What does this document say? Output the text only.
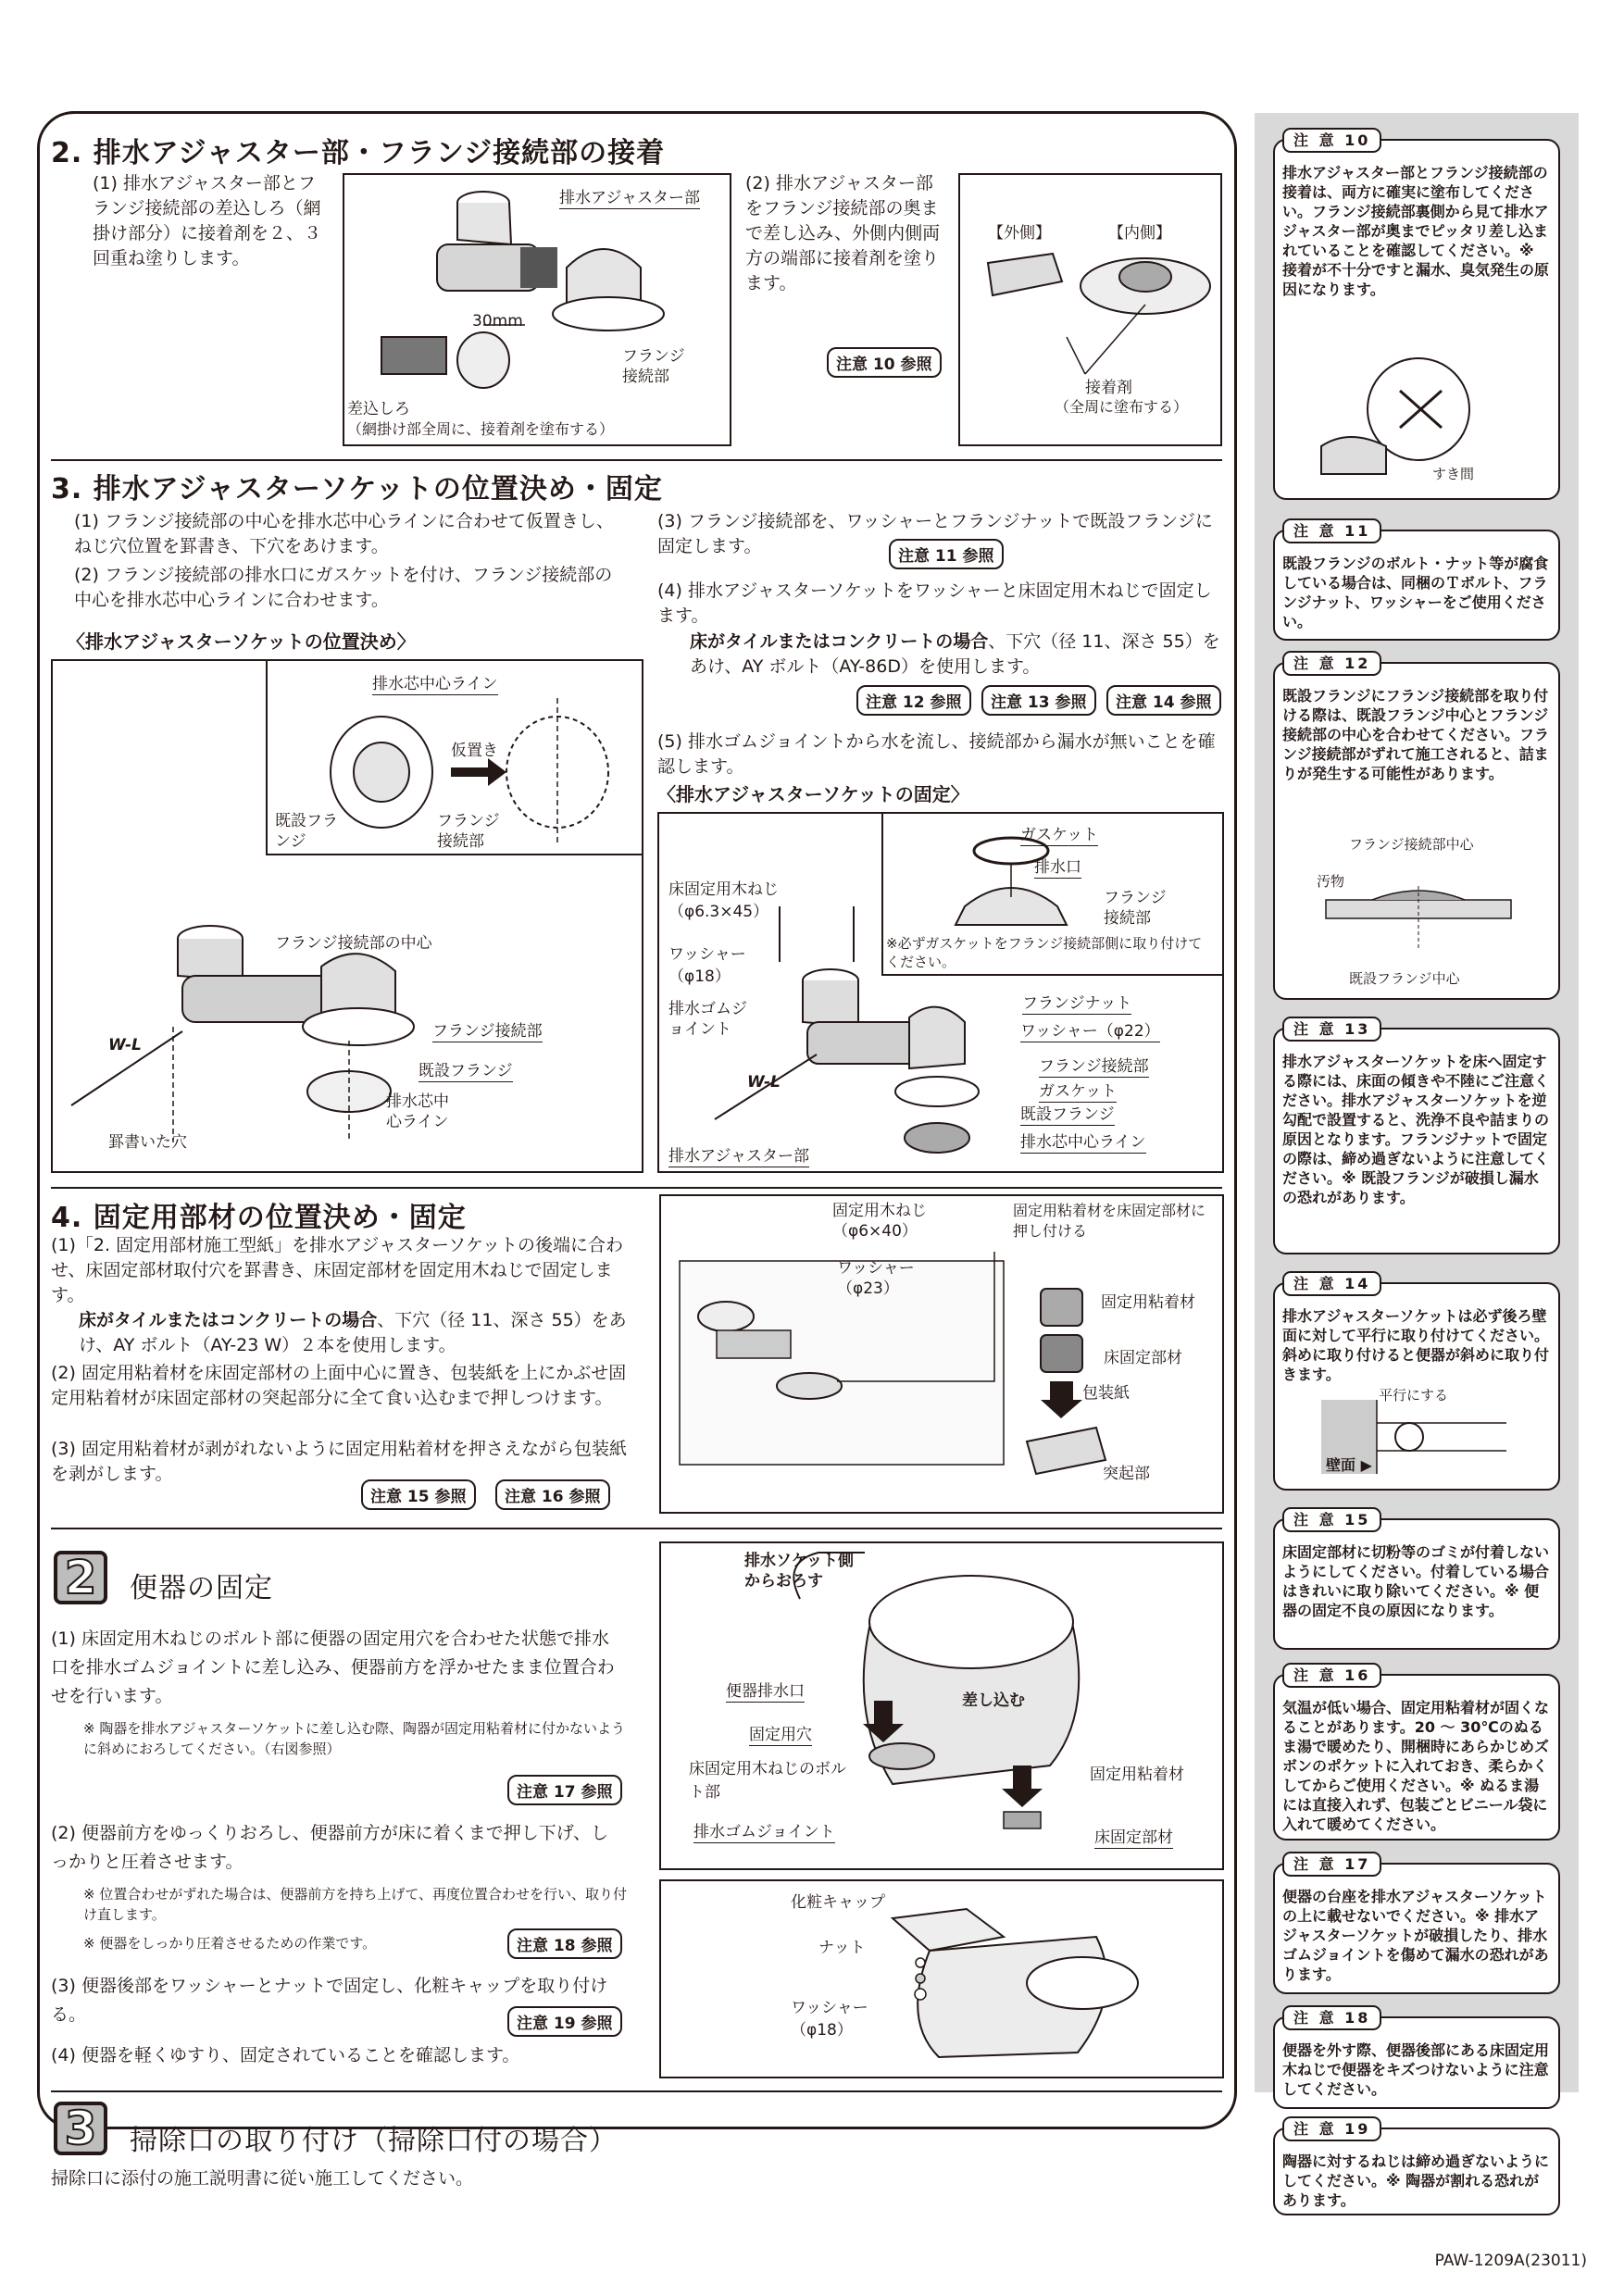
2. 排水アジャスター部・フランジ接続部の接着
(1) 排水アジャスター部とフランジ接続部の差込しろ（網掛け部分）に接着剤を２、３回重ね塗りします。
排水アジャスター部
30mm
フランジ接続部
差込しろ
（網掛け部全周に、接着剤を塗布する）
(2) 排水アジャスター部をフランジ接続部の奥まで差し込み、外側内側両方の端部に接着剤を塗ります。
注意 10 参照
【外側】	【内側】
接着剤
（全周に塗布する）
3. 排水アジャスターソケットの位置決め・固定
(1) フランジ接続部の中心を排水芯中心ラインに合わせて仮置きし、ねじ穴位置を罫書き、下穴をあけます。
(2) フランジ接続部の排水口にガスケットを付け、フランジ接続部の中心を排水芯中心ラインに合わせます。
〈排水アジャスターソケットの位置決め〉
排水芯中心ライン
仮置き
既設フランジ
フランジ接続部
フランジ接続部の中心
フランジ接続部
既設フランジ
排水芯中心ライン
罫書いた穴
W-L
(3) フランジ接続部を、ワッシャーとフランジナットで既設フランジに固定します。	注意 11 参照
(4) 排水アジャスターソケットをワッシャーと床固定用木ねじで固定します。
床がタイルまたはコンクリートの場合、下穴（径 11、深さ 55）をあけ、AY ボルト（AY-86D）を使用します。
注意 12 参照	注意 13 参照	注意 14 参照
(5) 排水ゴムジョイントから水を流し、接続部から漏水が無いことを確認します。
〈排水アジャスターソケットの固定〉
ガスケット
排水口
フランジ接続部
※必ずガスケットをフランジ接続部側に取り付けてください。
床固定用木ねじ（φ6.3×45）
ワッシャー（φ18）
排水ゴムジョイント
フランジナット
ワッシャー（φ22）
フランジ接続部
ガスケット
既設フランジ
排水芯中心ライン
排水アジャスター部
W-L
4. 固定用部材の位置決め・固定
(1)「2. 固定用部材施工型紙」を排水アジャスターソケットの後端に合わせ、床固定部材取付穴を罫書き、床固定部材を固定用木ねじで固定します。
床がタイルまたはコンクリートの場合、下穴（径 11、深さ 55）をあけ、AY ボルト（AY-23 W）２本を使用します。
(2) 固定用粘着材を床固定部材の上面中心に置き、包装紙を上にかぶせ固定用粘着材が床固定部材の突起部分に全て食い込むまで押しつけます。
(3) 固定用粘着材が剥がれないように固定用粘着材を押さえながら包装紙を剥がします。
注意 15 参照	注意 16 参照
固定用木ねじ（φ6×40）
ワッシャー（φ23）
固定用粘着材を床固定部材に押し付ける
固定用粘着材
床固定部材
包装紙
突起部
2	便器の固定
(1) 床固定用木ねじのボルト部に便器の固定用穴を合わせた状態で排水口を排水ゴムジョイントに差し込み、便器前方を浮かせたまま位置合わせを行います。
※ 陶器を排水アジャスターソケットに差し込む際、陶器が固定用粘着材に付かないように斜めにおろしてください。（右図参照）
注意 17 参照
(2) 便器前方をゆっくりおろし、便器前方が床に着くまで押し下げ、しっかりと圧着させます。
※ 位置合わせがずれた場合は、便器前方を持ち上げて、再度位置合わせを行い、取り付け直します。
※ 便器をしっかり圧着させるための作業です。	注意 18 参照
(3) 便器後部をワッシャーとナットで固定し、化粧キャップを取り付ける。	注意 19 参照
(4) 便器を軽くゆすり、固定されていることを確認します。
排水ソケット側からおろす
便器排水口
固定用穴
差し込む
床固定用木ねじのボルト部
排水ゴムジョイント
固定用粘着材
床固定部材
化粧キャップ
ナット
ワッシャー（φ18）
3	掃除口の取り付け（掃除口付の場合）
掃除口に添付の施工説明書に従い施工してください。
注 意 10
排水アジャスター部とフランジ接続部の接着は、両方に確実に塗布してください。フランジ接続部裏側から見て排水アジャスター部が奥までピッタリ差し込まれていることを確認してください。※ 接着が不十分ですと漏水、臭気発生の原因になります。
すき間
注 意 11
既設フランジのボルト・ナット等が腐食している場合は、同梱のＴボルト、フランジナット、ワッシャーをご使用ください。
注 意 12
既設フランジにフランジ接続部を取り付ける際は、既設フランジ中心とフランジ接続部の中心を合わせてください。フランジ接続部がずれて施工されると、詰まりが発生する可能性があります。
フランジ接続部中心
汚物
既設フランジ中心
注 意 13
排水アジャスターソケットを床へ固定する際には、床面の傾きや不陸にご注意ください。排水アジャスターソケットを逆勾配で設置すると、洗浄不良や詰まりの原因となります。フランジナットで固定の際は、締め過ぎないように注意してください。※ 既設フランジが破損し漏水の恐れがあります。
注 意 14
排水アジャスターソケットは必ず後ろ壁面に対して平行に取り付けてください。斜めに取り付けると便器が斜めに取り付きます。
平行にする
壁面 ▶
注 意 15
床固定部材に切粉等のゴミが付着しないようにしてください。付着している場合はきれいに取り除いてください。※ 便器の固定不良の原因になります。
注 意 16
気温が低い場合、固定用粘着材が固くなることがあります。20 ～ 30℃のぬるま湯で暖めたり、開梱時にあらかじめズボンのポケットに入れておき、柔らかくしてからご使用ください。※ ぬるま湯には直接入れず、包装ごとビニール袋に入れて暖めてください。
注 意 17
便器の台座を排水アジャスターソケットの上に載せないでください。※ 排水アジャスターソケットが破損したり、排水ゴムジョイントを傷めて漏水の恐れがあります。
注 意 18
便器を外す際、便器後部にある床固定用木ねじで便器をキズつけないように注意してください。
注 意 19
陶器に対するねじは締め過ぎないようにしてください。※ 陶器が割れる恐れがあります。
PAW-1209A(23011)
